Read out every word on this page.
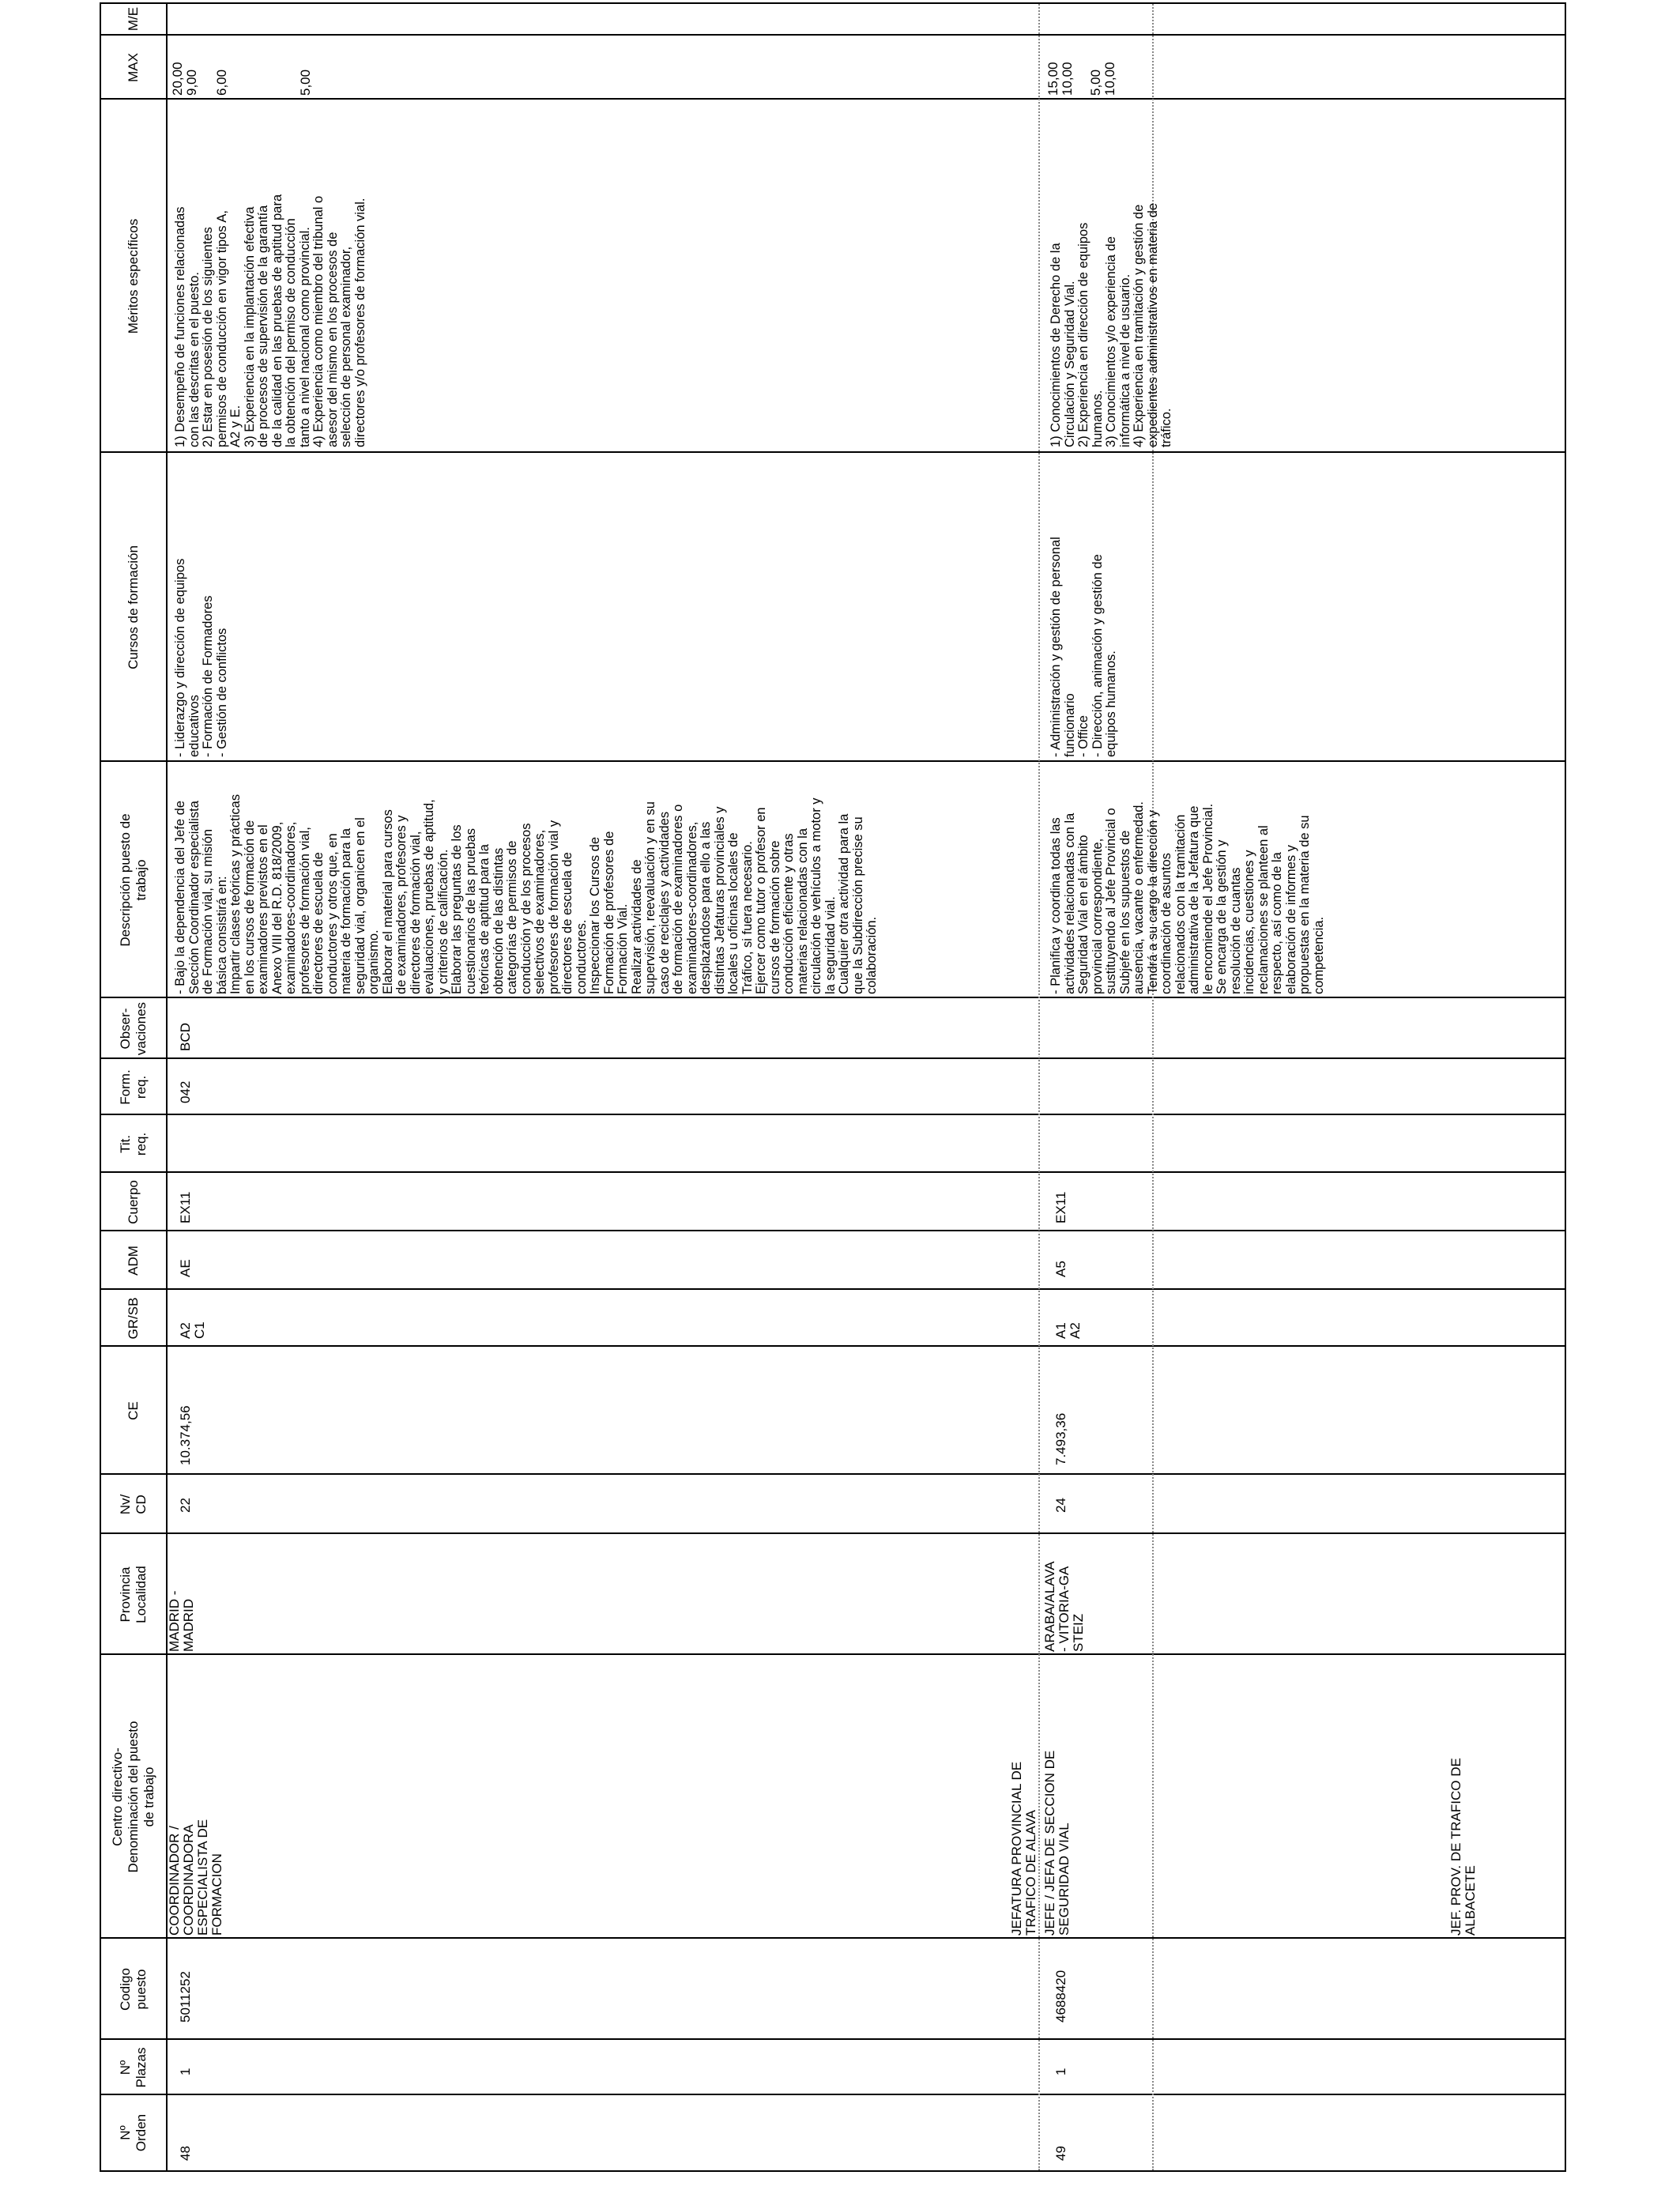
Nº
Orden
Nº
Plazas
Codigo
puesto
Centro directivo-
Denominación del puesto
de trabajo
Provincia
Localidad
Nv/
CD
CE
GR/SB
ADM
Cuerpo
Tit.
req.
Form.
req.
Obser-
vaciones
Descripción puesto de
trabajo
Cursos de formación
Méritos específicos
MAX
M/E
48
1
5011252
COORDINADOR /
COORDINADORA
ESPECIALISTA DE
FORMACION
MADRID -
MADRID
22
10.374,56
A2
C1
AE
EX11
042
BCD
- Bajo la dependencia del Jefe de
Sección Coordinador especialista
de Formación vial, su misión
básica consistirá en:
Impartir clases teóricas y prácticas
en los cursos de formación de
examinadores previstos en el
Anexo VIII del R.D. 818/2009,
examinadores-coordinadores,
profesores de formación vial,
directores de escuela de
conductores y otros que, en
materia de formación para la
seguridad vial, organicen en el
organismo.
Elaborar el material para cursos
de examinadores, profesores y
directores de formación vial,
evaluaciones, pruebas de aptitud,
y criterios de calificación.
Elaborar las preguntas de los
cuestionarios de las pruebas
teóricas de aptitud para la
obtención de las distintas
categorías de permisos de
conducción y de los procesos
selectivos de examinadores,
profesores de formación vial y
directores de escuela de
conductores.
Inspeccionar los Cursos de
Formación de profesores de
Formación Vial.
Realizar actividades de
supervisión, reevaluación y en su
caso de reciclajes y actividades
de formación de examinadores o
examinadores-coordinadores,
desplazándose para ello a las
distintas Jefaturas provinciales y
locales u oficinas locales de
Tráfico, si fuera necesario.
Ejercer como tutor o profesor en
cursos de formación sobre
conducción eficiente y otras
materias relacionadas con la
circulación de vehículos a motor y
la seguridad vial.
Cualquier otra actividad para la
que la Subdirección precise su
colaboración.
- Liderazgo y dirección de equipos
educativos
- Formación de Formadores
- Gestión de conflictos
1) Desempeño de funciones relacionadas
con las descritas en el puesto.
2) Estar en posesión de los siguientes
permisos de conducción en vigor tipos A,
A2 y E.
3) Experiencia en la implantación efectiva
de procesos de supervisión de la garantía
de la calidad en las pruebas de aptitud para
la obtención del permiso de conducción
tanto a nivel nacional como provincial.
4) Experiencia como miembro del tribunal o
asesor del mismo en los procesos de
selección de personal examinador,
directores y/o profesores de formación vial.
20,00 9,00 6,00	5,00
JEFATURA PROVINCIAL DE
TRAFICO DE ALAVA
49
1
4688420
JEFE / JEFA DE SECCION DE
SEGURIDAD VIAL
ARABA/ALAVA
- VITORIA-GA
STEIZ
24
7.493,36
A1
A2
A5
EX11
- Planifica y coordina todas las
actividades relacionadas con la
Seguridad Vial en el ámbito
provincial correspondiente,
sustituyendo al Jefe Provincial o
Subjefe en los supuestos de
ausencia, vacante o enfermedad.
Tendrá a su cargo la dirección y
coordinación de asuntos
relacionados con la tramitación
administrativa de la Jefatura que
le encomiende el Jefe Provincial.
Se encarga de la gestión y
resolución de cuantas
incidencias, cuestiones y
reclamaciones se planteen al
respecto, así como de la
elaboración de informes y
propuestas en la materia de su
competencia.
- Administración y gestión de personal
funcionario
- Office
- Dirección, animación y gestión de
equipos humanos.
1) Conocimientos de Derecho de la
Circulación y Seguridad Vial.
2) Experiencia en dirección de equipos
humanos.
3) Conocimientos y/o experiencia de
informática a nivel de usuario.
4) Experiencia en tramitación y gestión de
expedientes administrativos en materia de
tráfico.
15,00 10,00 5,00 10,00
JEF. PROV. DE TRAFICO DE
ALBACETE
